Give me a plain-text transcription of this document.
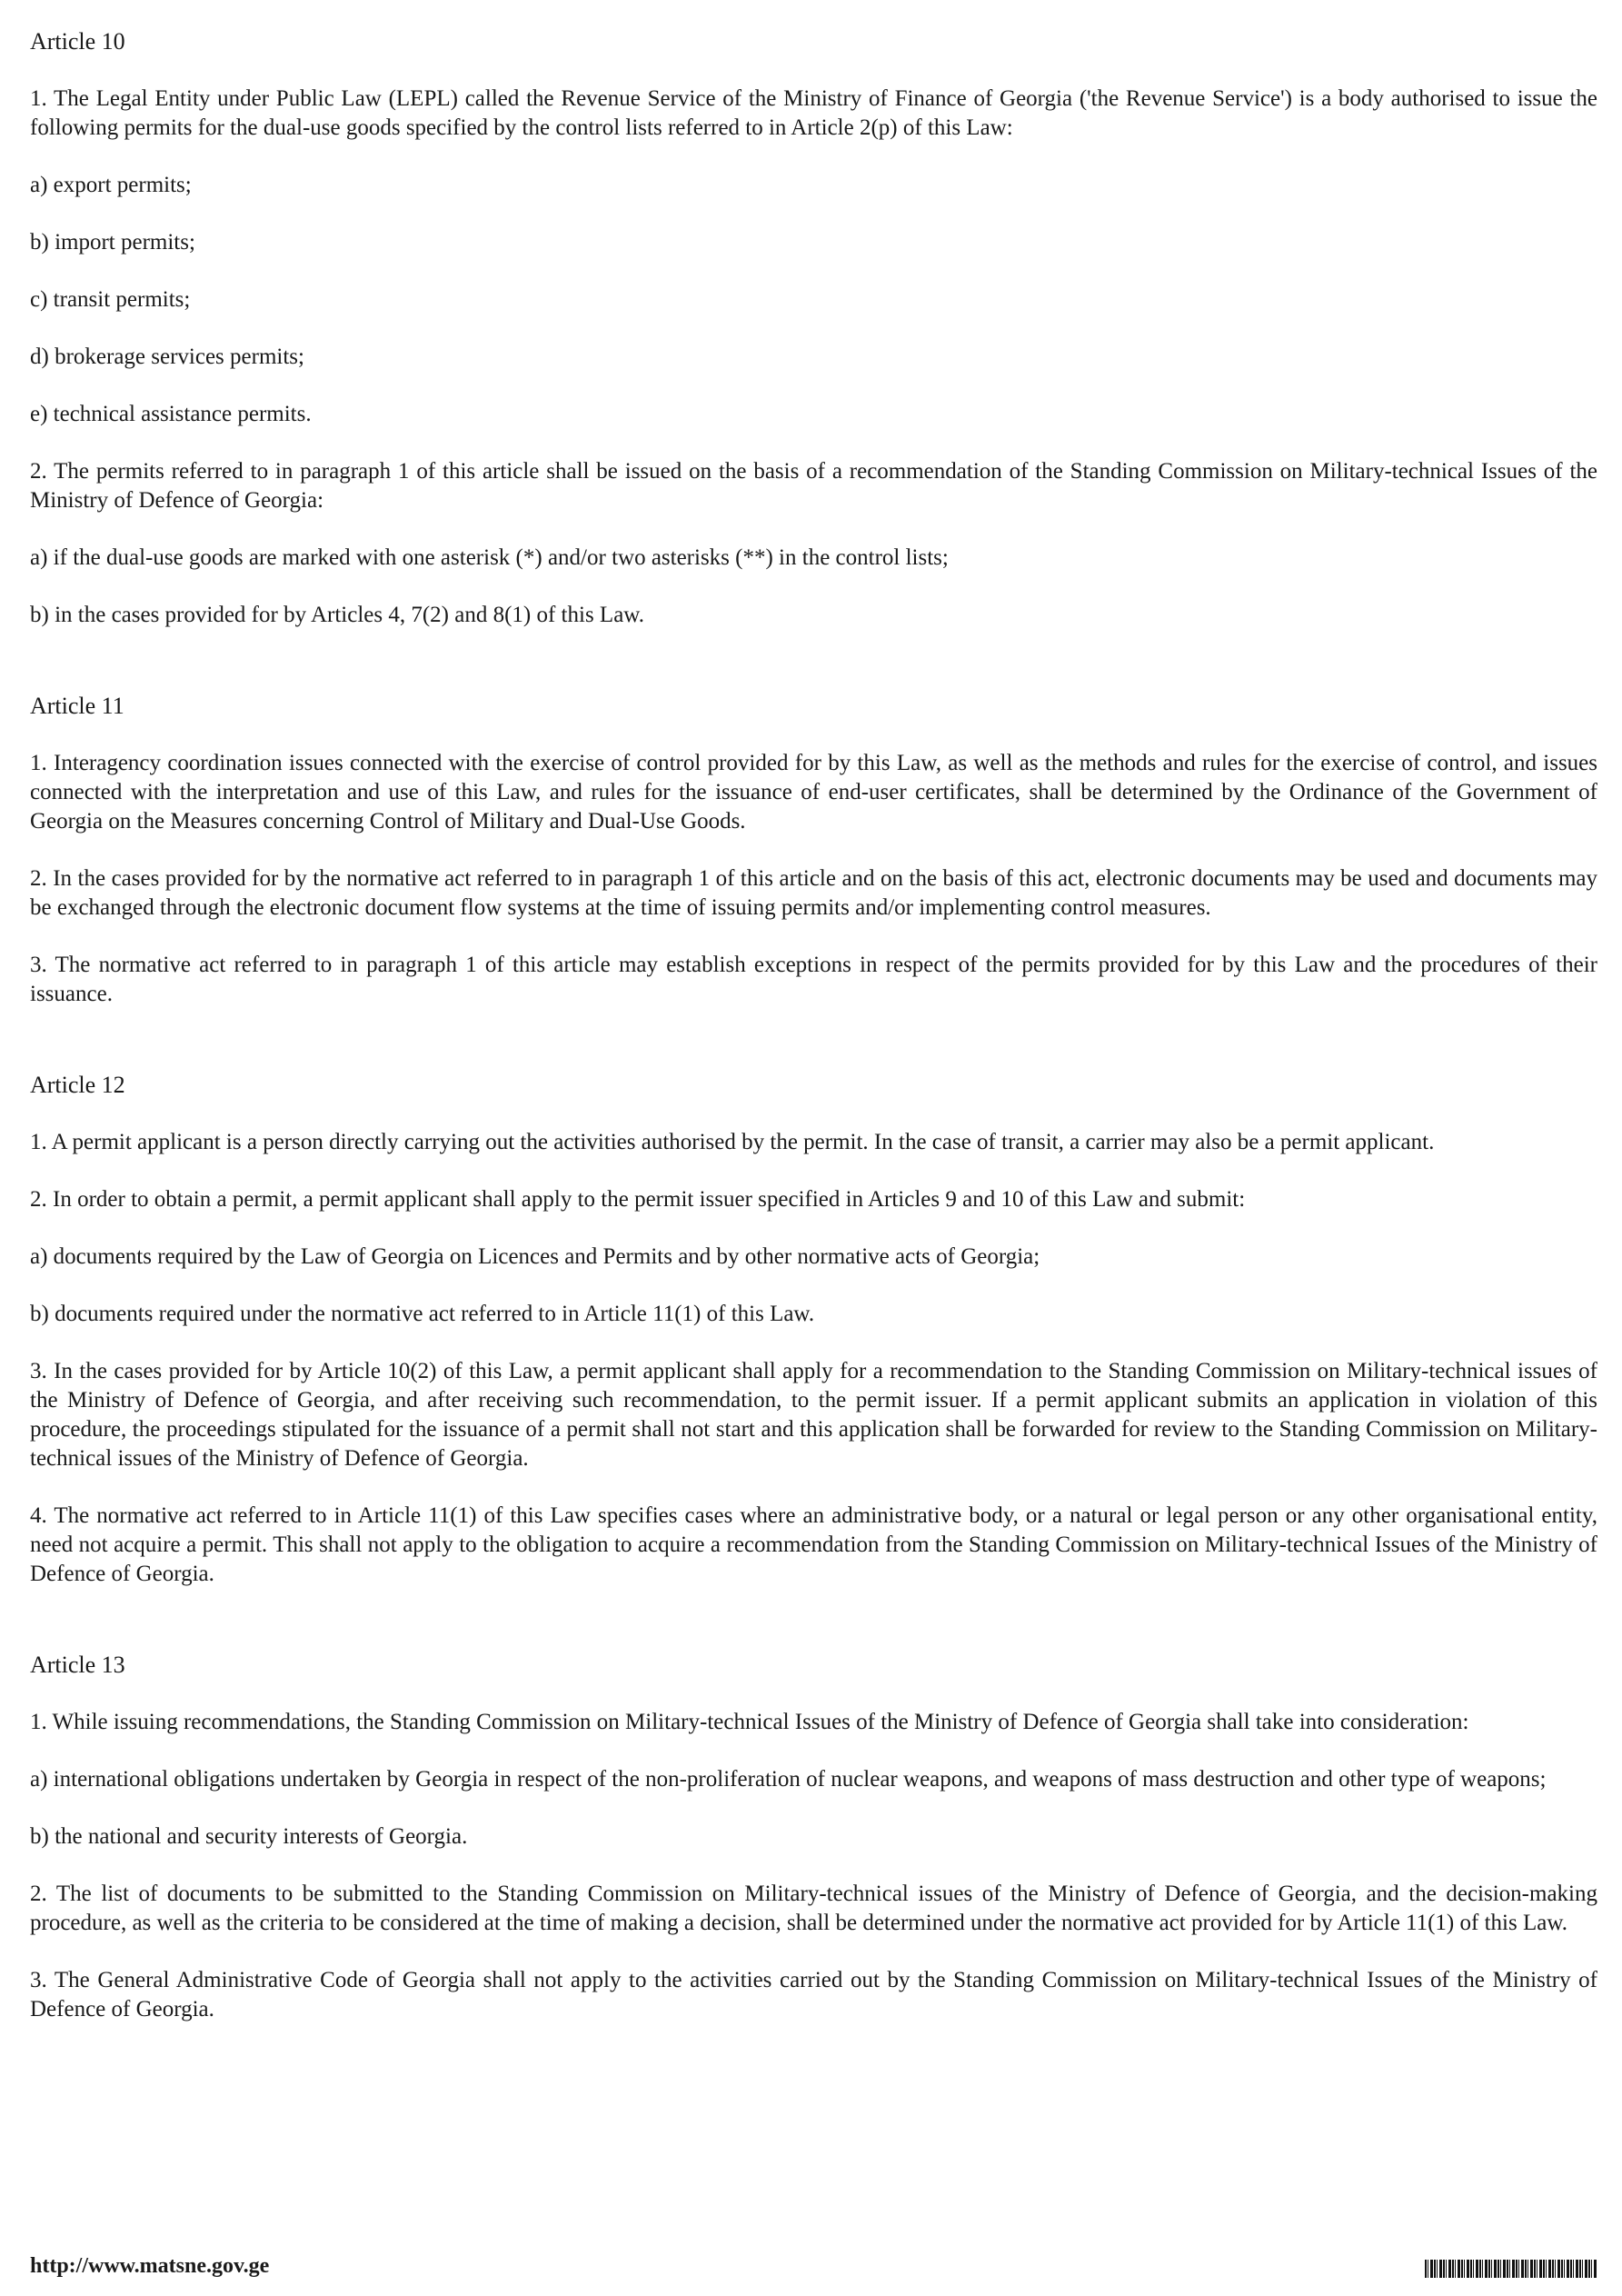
Article 10

1. The Legal Entity under Public Law (LEPL) called the Revenue Service of the Ministry of Finance of Georgia ('the Revenue Service') is a body authorised to issue the following permits for the dual-use goods specified by the control lists referred to in Article 2(p) of this Law:

a) export permits;

b) import permits;

c) transit permits;

d) brokerage services permits;

e) technical assistance permits.

2. The permits referred to in paragraph 1 of this article shall be issued on the basis of a recommendation of the Standing Commission on Military-technical Issues of the Ministry of Defence of Georgia:

a) if the dual-use goods are marked with one asterisk (*) and/or two asterisks (**) in the control lists;

b) in the cases provided for by Articles 4, 7(2) and 8(1) of this Law.

Article 11

1. Interagency coordination issues connected with the exercise of control provided for by this Law, as well as the methods and rules for the exercise of control, and issues connected with the interpretation and use of this Law, and rules for the issuance of end-user certificates, shall be determined by the Ordinance of the Government of Georgia on the Measures concerning Control of Military and Dual-Use Goods.

2. In the cases provided for by the normative act referred to in paragraph 1 of this article and on the basis of this act, electronic documents may be used and documents may be exchanged through the electronic document flow systems at the time of issuing permits and/or implementing control measures.

3. The normative act referred to in paragraph 1 of this article may establish exceptions in respect of the permits provided for by this Law and the procedures of their issuance.

Article 12

1. A permit applicant is a person directly carrying out the activities authorised by the permit. In the case of transit, a carrier may also be a permit applicant.

2. In order to obtain a permit, a permit applicant shall apply to the permit issuer specified in Articles 9 and 10 of this Law and submit:

a) documents required by the Law of Georgia on Licences and Permits and by other normative acts of Georgia;

b) documents required under the normative act referred to in Article 11(1) of this Law.

3. In the cases provided for by Article 10(2) of this Law, a permit applicant shall apply for a recommendation to the Standing Commission on Military-technical issues of the Ministry of Defence of Georgia, and after receiving such recommendation, to the permit issuer. If a permit applicant submits an application in violation of this procedure, the proceedings stipulated for the issuance of a permit shall not start and this application shall be forwarded for review to the Standing Commission on Military-technical issues of the Ministry of Defence of Georgia.

4. The normative act referred to in Article 11(1) of this Law specifies cases where an administrative body, or a natural or legal person or any other organisational entity, need not acquire a permit. This shall not apply to the obligation to acquire a recommendation from the Standing Commission on Military-technical Issues of the Ministry of Defence of Georgia.

Article 13

1. While issuing recommendations, the Standing Commission on Military-technical Issues of the Ministry of Defence of Georgia shall take into consideration:

a) international obligations undertaken by Georgia in respect of the non-proliferation of nuclear weapons, and weapons of mass destruction and other type of weapons;

b) the national and security interests of Georgia.

2. The list of documents to be submitted to the Standing Commission on Military-technical issues of the Ministry of Defence of Georgia, and the decision-making procedure, as well as the criteria to be considered at the time of making a decision, shall be determined under the normative act provided for by Article 11(1) of this Law.

3. The General Administrative Code of Georgia shall not apply to the activities carried out by the Standing Commission on Military-technical Issues of the Ministry of Defence of Georgia.

http://www.matsne.gov.ge
